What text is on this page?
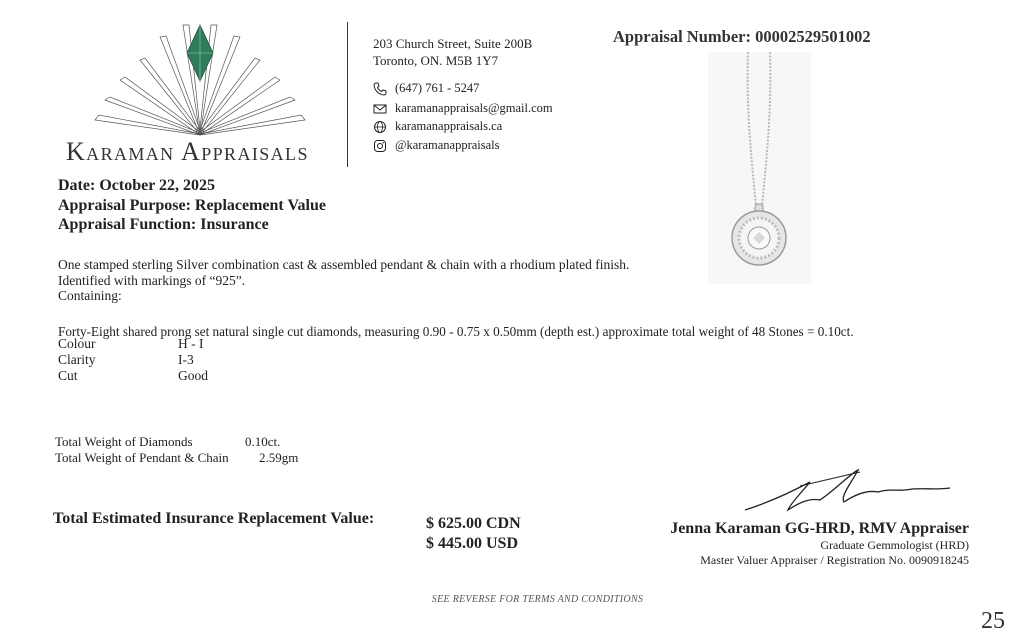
Karaman Appraisals
203 Church Street, Suite 200B
Toronto, ON. M5B 1Y7
(647) 761 - 5247
karamanappraisals@gmail.com
karamanappraisals.ca
@karamanappraisals
Appraisal Number: 00002529501002
Date: October 22, 2025
Appraisal Purpose: Replacement Value
Appraisal Function: Insurance
One stamped sterling Silver combination cast & assembled pendant & chain with a rhodium plated finish.
Identified with markings of “925”.
Containing:
Forty-Eight shared prong set natural single cut diamonds, measuring 0.90 - 0.75 x 0.50mm (depth est.) approximate total weight of 48 Stones = 0.10ct.
Colour	H - I
Clarity	I-3
Cut	Good
Total Weight of Diamonds	0.10ct.
Total Weight of Pendant & Chain	2.59gm
Total Estimated Insurance Replacement Value:	$ 625.00 CDN
$ 445.00 USD
Jenna Karaman GG-HRD, RMV Appraiser
Graduate Gemmologist (HRD)
Master Valuer Appraiser / Registration No. 0090918245
SEE REVERSE FOR TERMS AND CONDITIONS
25
